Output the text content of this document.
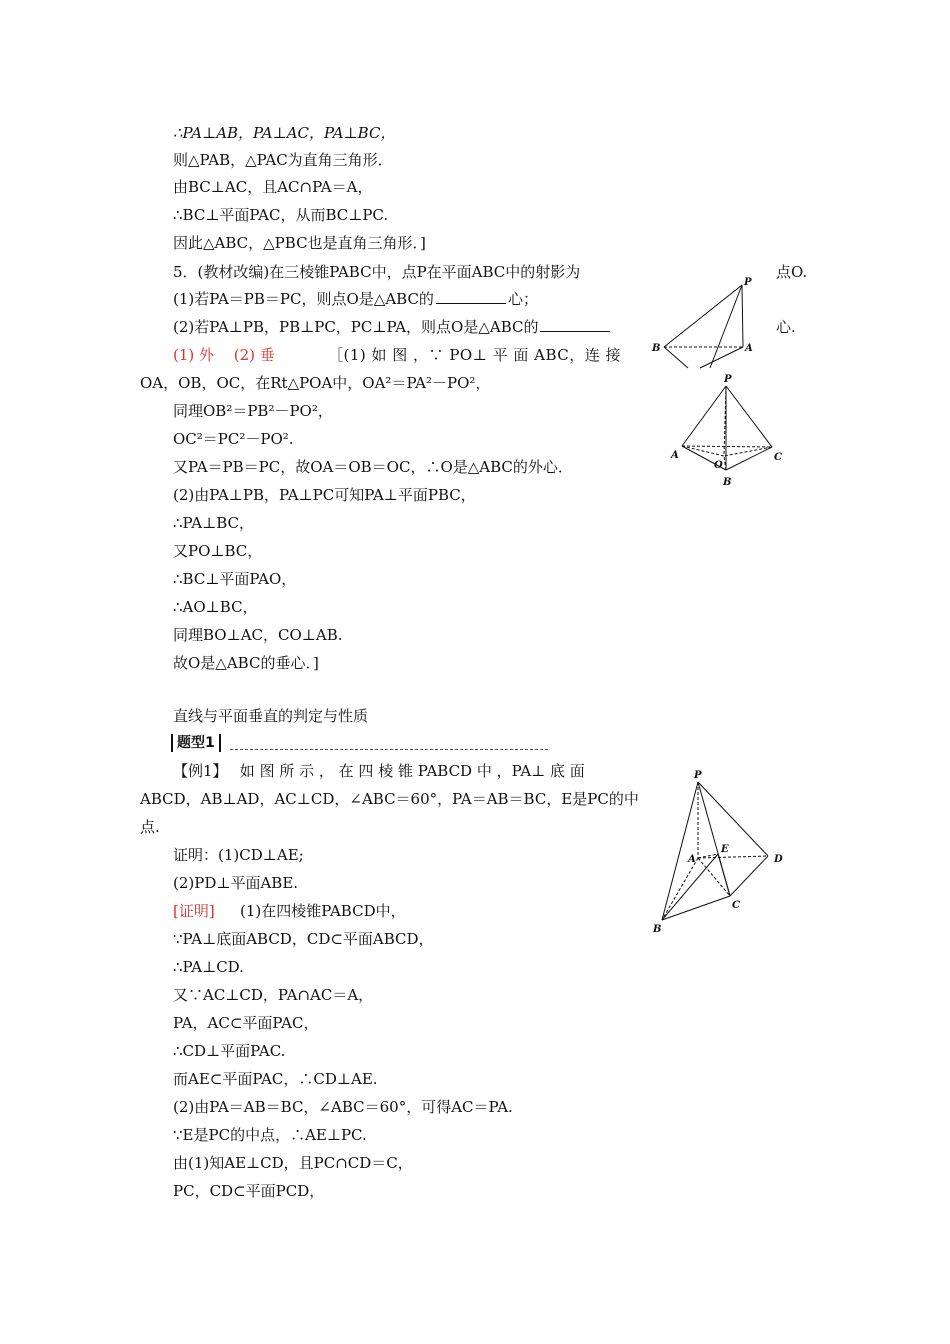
∴PA⊥AB，PA⊥AC，PA⊥BC，
则△PAB，△PAC为直角三角形．
由BC⊥AC，且AC∩PA＝A，
∴BC⊥平面PAC，从而BC⊥PC.
因此△ABC，△PBC也是直角三角形．]
5．(教材改编)在三棱锥PABC中，点P在平面ABC中的射影为	点O.
(1)若PA＝PB＝PC，则点O是△ABC的	心；
(2)若PA⊥PB，PB⊥PC，PC⊥PA，则点O是△ABC的	心.
(1) 外　 (2) 垂	［(1) 如 图 ，∵ PO⊥ 平 面 ABC，连 接
OA，OB，OC，在Rt△POA中，OA²＝PA²－PO²，
同理OB²＝PB²－PO²，
OC²＝PC²－PO².
又PA＝PB＝PC，故OA＝OB＝OC，∴O是△ABC的外心．
(2)由PA⊥PB，PA⊥PC可知PA⊥平面PBC，
∴PA⊥BC，
又PO⊥BC，
∴BC⊥平面PAO，
∴AO⊥BC，
同理BO⊥AC，CO⊥AB.
故O是△ABC的垂心．]
直线与平面垂直的判定与性质
题型1
【例1】　 如 图 所 示 ， 在 四 棱 锥 PABCD 中 ，PA⊥ 底 面
ABCD，AB⊥AD，AC⊥CD，∠ABC＝60°，PA＝AB＝BC，E是PC的中
点.
证明：(1)CD⊥AE;
(2)PD⊥平面ABE.
[证明] (1)在四棱锥PABCD中，
∵PA⊥底面ABCD，CD⊂平面ABCD，
∴PA⊥CD.
又∵AC⊥CD，PA∩AC＝A，
PA，AC⊂平面PAC，
∴CD⊥平面PAC.
而AE⊂平面PAC，∴CD⊥AE.
(2)由PA＝AB＝BC，∠ABC＝60°，可得AC＝PA.
∵E是PC的中点，∴AE⊥PC.
由(1)知AE⊥CD，且PC∩CD＝C，
PC，CD⊂平面PCD，
P
B	A
P
A
O
C
B
P
E
A	D
C
B
